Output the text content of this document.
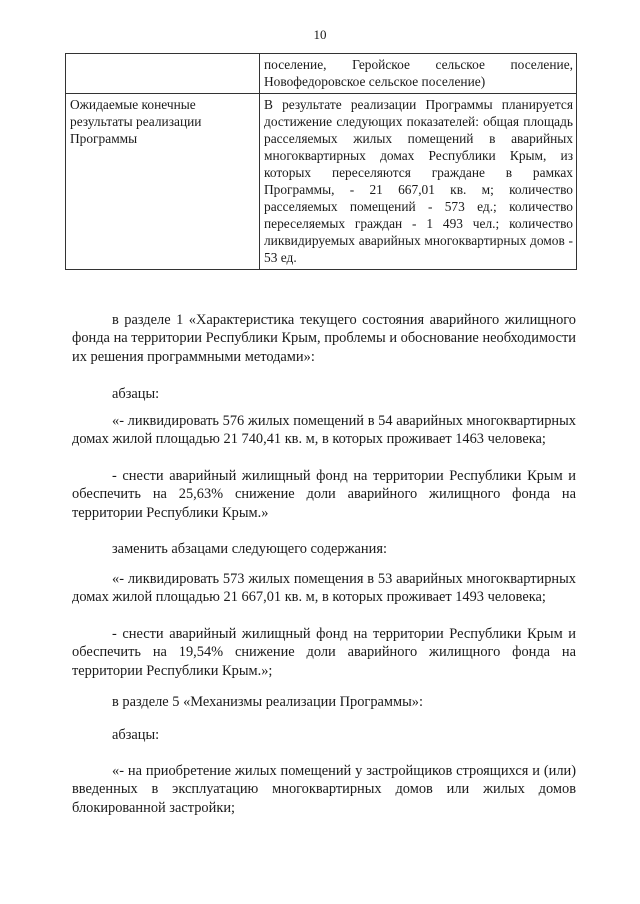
10
	поселение, Геройское сельское поселение, Новофедоровское сельское поселение)
Ожидаемые конечные результаты реализации Программы	В результате реализации Программы планируется достижение следующих показателей: общая площадь расселяемых жилых помещений в аварийных многоквартирных домах Республики Крым, из которых переселяются граждане в рамках Программы, - 21 667,01 кв. м; количество расселяемых помещений - 573 ед.; количество переселяемых граждан - 1 493 чел.; количество ликвидируемых аварийных многоквартирных домов - 53 ед.

в разделе 1 «Характеристика текущего состояния аварийного жилищного фонда на территории Республики Крым, проблемы и обоснование необходимости их решения программными методами»:

абзацы:

«- ликвидировать 576 жилых помещений в 54 аварийных многоквартирных домах жилой площадью 21 740,41 кв. м, в которых проживает 1463 человека;

- снести аварийный жилищный фонд на территории Республики Крым и обеспечить на 25,63% снижение доли аварийного жилищного фонда на территории Республики Крым.»

заменить абзацами следующего содержания:

«- ликвидировать 573 жилых помещения в 53 аварийных многоквартирных домах жилой площадью 21 667,01 кв. м, в которых проживает 1493 человека;

- снести аварийный жилищный фонд на территории Республики Крым и обеспечить на 19,54% снижение доли аварийного жилищного фонда на территории Республики Крым.»;

в разделе 5 «Механизмы реализации Программы»:

абзацы:

«- на приобретение жилых помещений у застройщиков строящихся и (или) введенных в эксплуатацию многоквартирных домов или жилых домов блокированной застройки;
